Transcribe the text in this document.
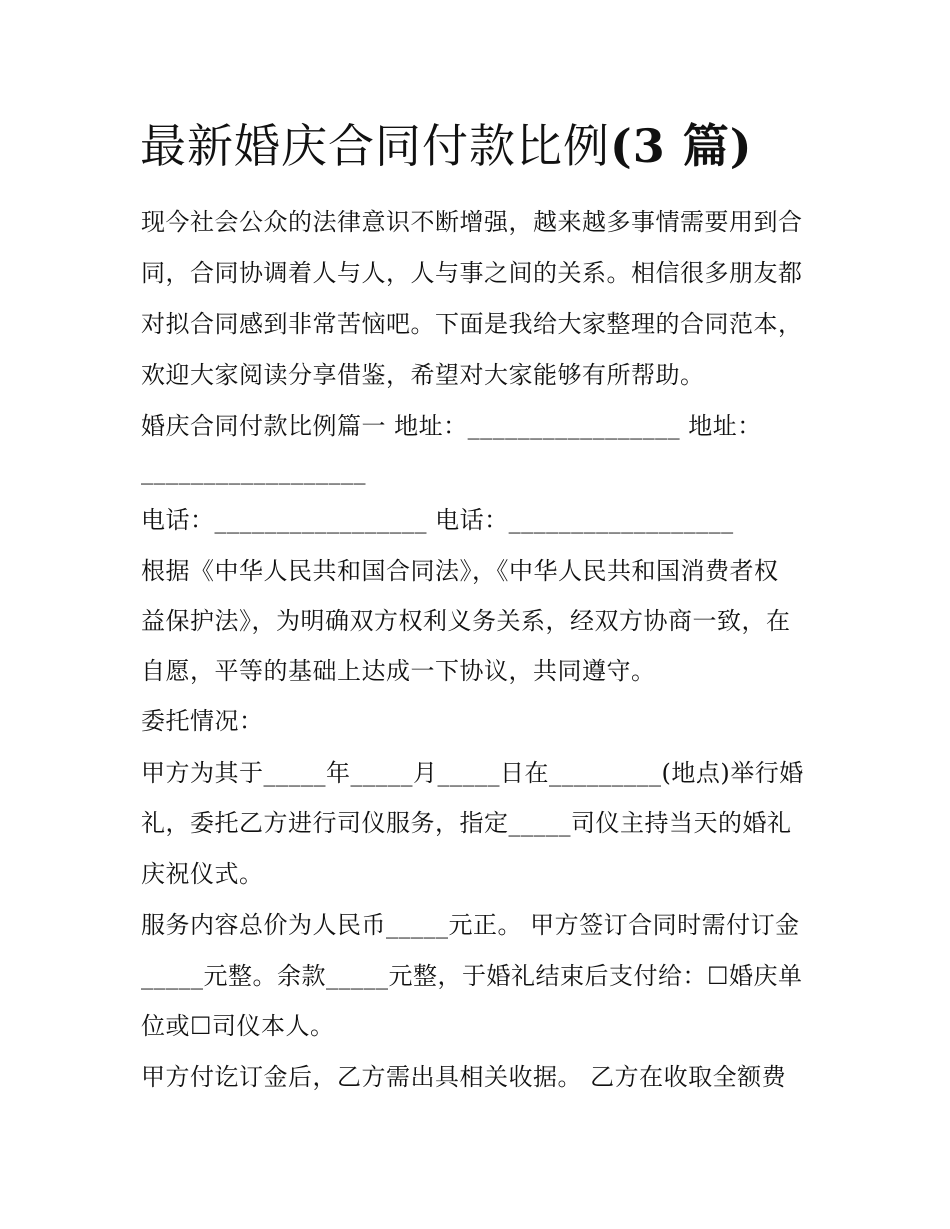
最新婚庆合同付款比例(3 篇)

现今社会公众的法律意识不断增强，越来越多事情需要用到合

同，合同协调着人与人，人与事之间的关系。相信很多朋友都

对拟合同感到非常苦恼吧。下面是我给大家整理的合同范本，

欢迎大家阅读分享借鉴，希望对大家能够有所帮助。

婚庆合同付款比例篇一 地址：_________________ 地址：

__________________

电话：_________________ 电话：__________________

根据《中华人民共和国合同法》，《中华人民共和国消费者权

益保护法》，为明确双方权利义务关系，经双方协商一致，在

自愿，平等的基础上达成一下协议，共同遵守。

委托情况：

甲方为其于_____年_____月_____日在_________(地点)举行婚

礼，委托乙方进行司仪服务，指定_____司仪主持当天的婚礼

庆祝仪式。

服务内容总价为人民币_____元正。 甲方签订合同时需付订金

_____元整。余款_____元整，于婚礼结束后支付给：☐婚庆单

位或☐司仪本人。

甲方付讫订金后，乙方需出具相关收据。 乙方在收取全额费
